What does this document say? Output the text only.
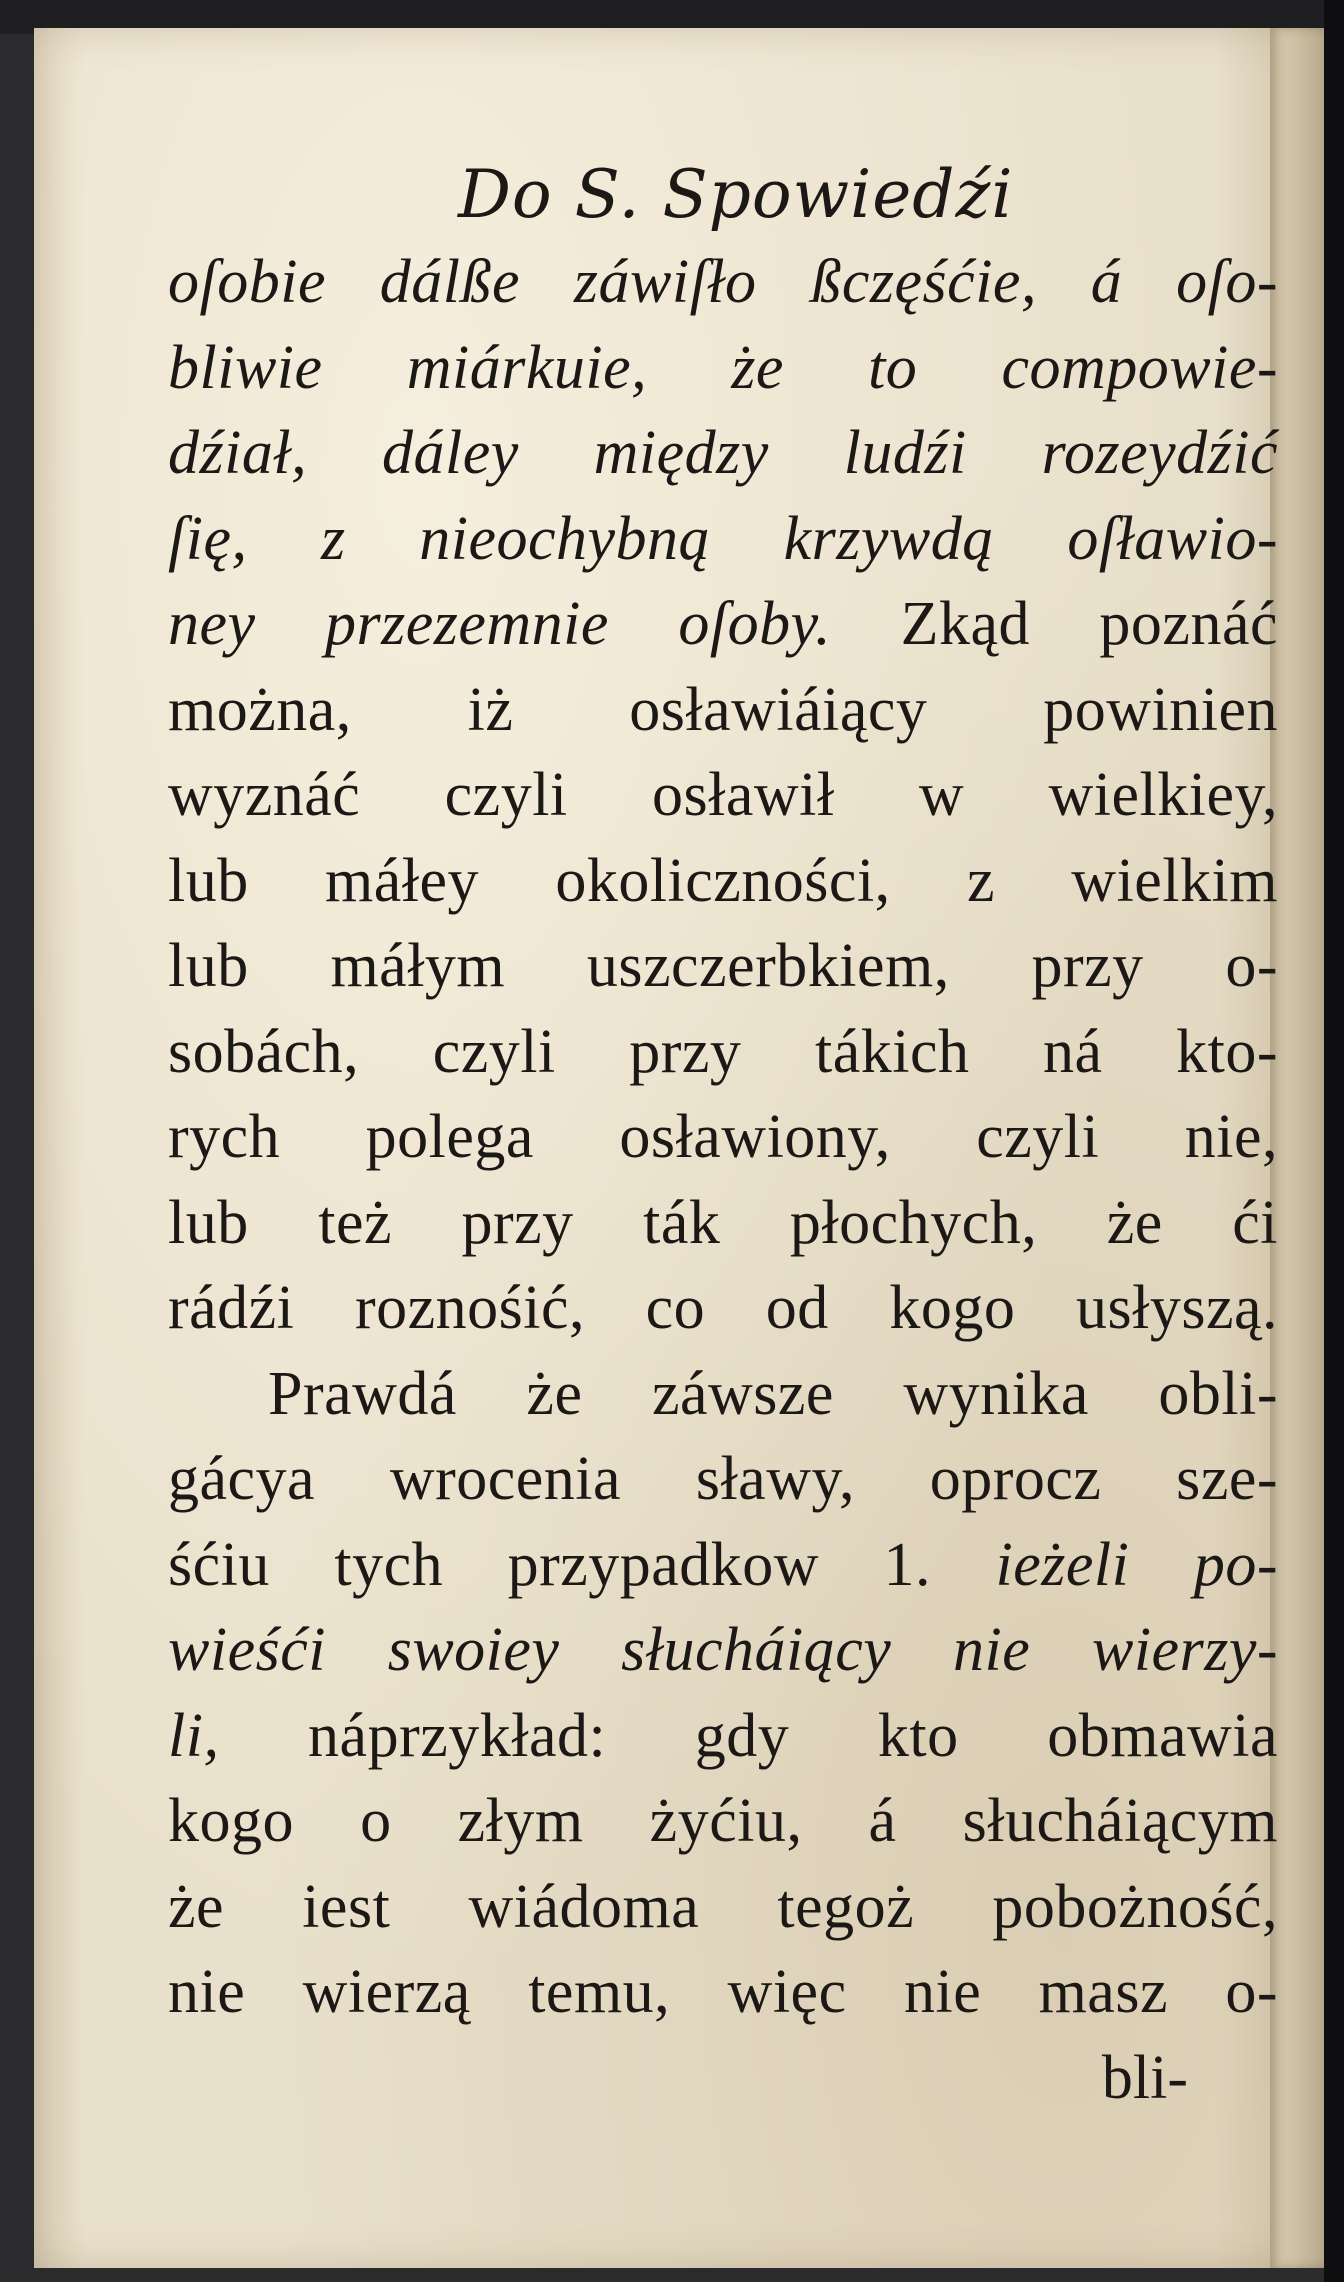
Do S. Spowiedźi

oſobie dálße záwiſło ßczęśćie, á oſo-

bliwie miárkuie, że to compowie-

dźiał, dáley między ludźi rozeydźić

ſię, z nieochybną krzywdą oſławio-

ney przezemnie oſoby. Zkąd poznáć

można, iż osławiáiący powinien

wyznáć czyli osławił w wielkiey,

lub máłey okoliczności, z wielkim

lub máłym uszczerbkiem, przy o-

sobách, czyli przy tákich ná kto-

rych polega osławiony, czyli nie,

lub też przy ták płochych, że ći

rádźi roznośić, co od kogo usłyszą.

Prawdá że záwsze wynika obli-

gácya wrocenia sławy, oprocz sze-

śćiu tych przypadkow 1. ieżeli po-

wieśći swoiey słucháiący nie wierzy-

li, náprzykład: gdy kto obmawia

kogo o złym żyćiu, á słucháiącym

że iest wiádoma tegoż pobożność,

nie wierzą temu, więc nie masz o-

bli-
